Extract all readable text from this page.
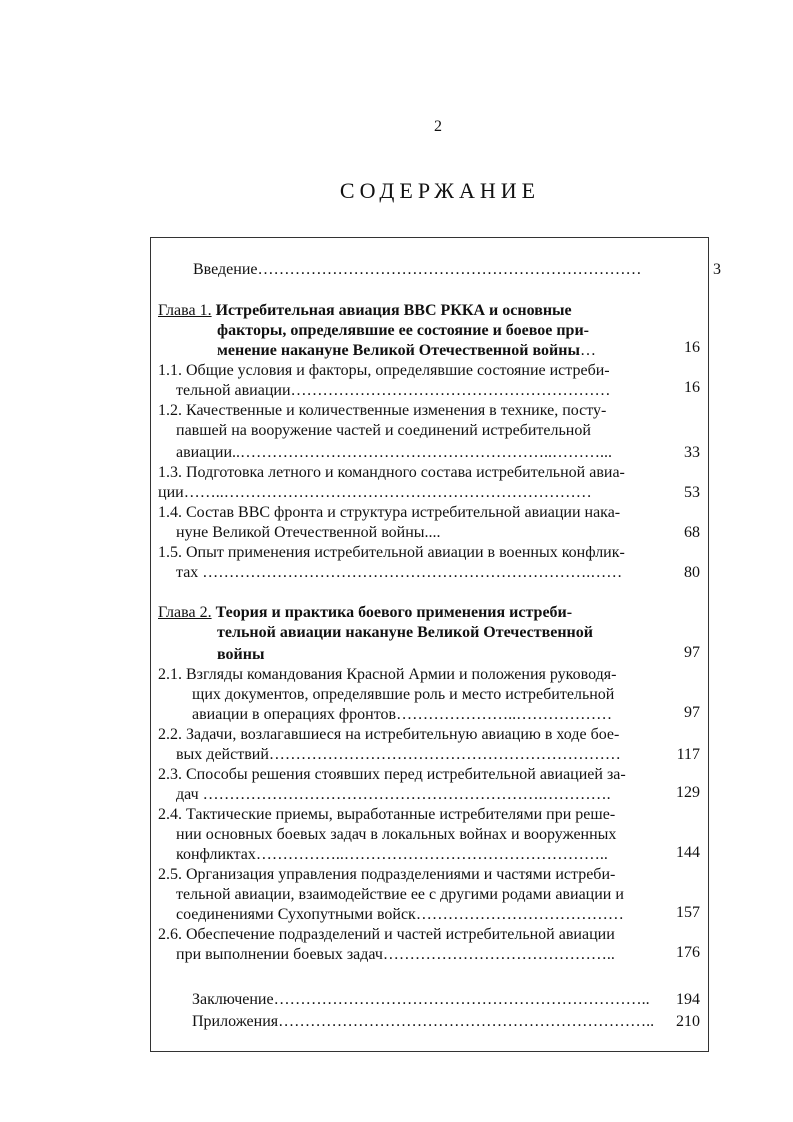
2
СОДЕРЖАНИЕ
Введение………………………………………………………………	3
Глава 1. Истребительная авиация ВВС РККА и основные
факторы, определявшие ее состояние и боевое при-
менение накануне Великой Отечественной войны…	16
1.1. Общие условия и факторы, определявшие состояние истреби-
тельной авиации……………………………………………………	16
1.2. Качественные и количественные изменения в технике, посту-
павшей на вооружение частей и соединений истребительной
авиации..…………………………………………………..………...	33
1.3. Подготовка летного и командного состава истребительной авиа-
ции……..……………………………………………………………	53
1.4. Состав ВВС фронта и структура истребительной авиации нака-
нуне Великой Отечественной войны....	68
1.5. Опыт применения истребительной авиации в военных конфлик-
тах ……………………………………………………………….……	80
Глава 2. Теория и практика боевого применения истреби-
тельной авиации накануне Великой Отечественной
войны	97
2.1. Взгляды командования Красной Армии и положения руководя-
щих документов, определявшие роль и место истребительной
авиации в операциях фронтов…………………..………………	97
2.2. Задачи, возлагавшиеся на истребительную авиацию в ходе бое-
вых действий…………………………………………………………	117
2.3. Способы решения стоявших перед истребительной авиацией за-
дач ……………………………………………………….………….	129
2.4. Тактические приемы, выработанные истребителями при реше-
нии основных боевых задач в локальных войнах и вооруженных
конфликтах……………..…………………………………………..	144
2.5. Организация управления подразделениями и частями истреби-
тельной авиации, взаимодействие ее с другими родами авиации и
соединениями Сухопутными войск…………………………………	157
2.6. Обеспечение подразделений и частей истребительной авиации
при выполнении боевых задач……………………………………..	176
Заключение……………………………………………………………..	194
Приложения……………………………………………………………..	210
